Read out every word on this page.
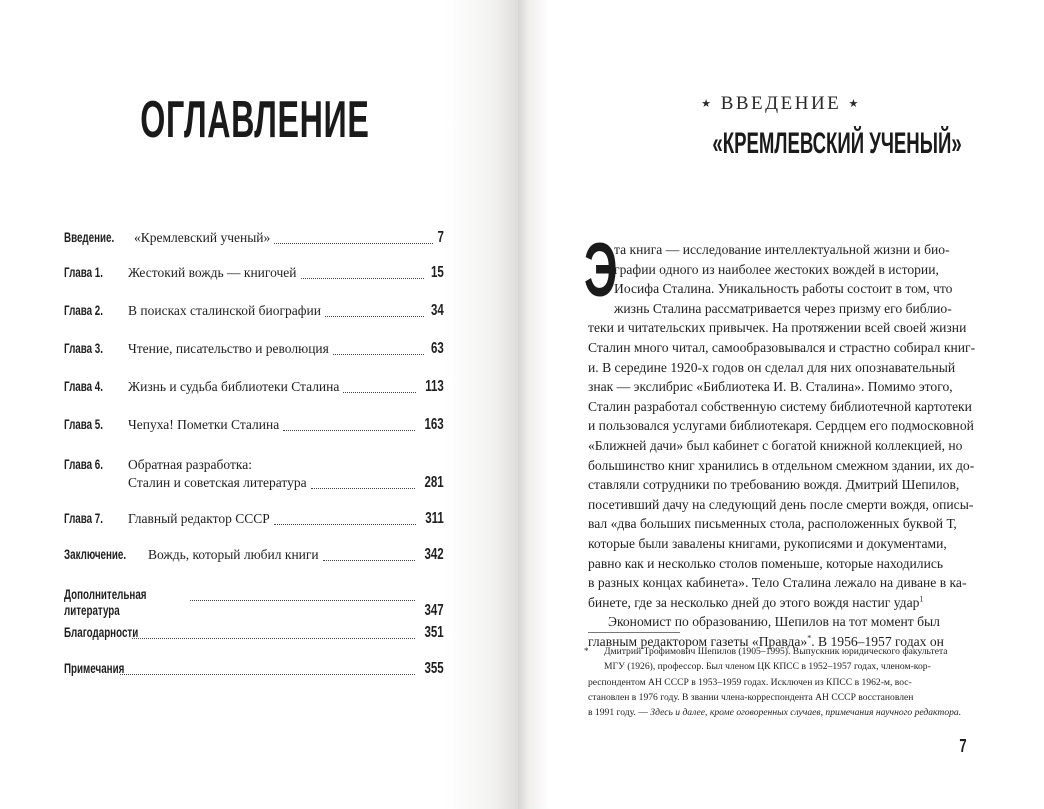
ОГЛАВЛЕНИЕ
Введение.	«Кремлевский ученый»	7
Глава 1.	Жестокий вождь — книгочей	15
Глава 2.	В поисках сталинской биографии	34
Глава 3.	Чтение, писательство и революция	63
Глава 4.	Жизнь и судьба библиотеки Сталина	113
Глава 5.	Чепуха! Пометки Сталина	163
Глава 6.	Обратная разработка:
Сталин и советская литература	281
Глава 7.	Главный редактор СССР	311
Заключение.	Вождь, который любил книги	342
Дополнительная литература	347
Благодарности	351
Примечания	355
★ ВВЕДЕНИЕ ★
«КРЕМЛЕВСКИЙ УЧЕНЫЙ»
Э
та книга — исследование интеллектуальной жизни и био-
графии одного из наиболее жестоких вождей в истории,
Иосифа Сталина. Уникальность работы состоит в том, что
жизнь Сталина рассматривается через призму его библио-
теки и читательских привычек. На протяжении всей своей жизни
Сталин много читал, самообразовывался и страстно собирал книг-
и. В середине 1920-х годов он сделал для них опознавательный
знак — экслибрис «Библиотека И. В. Сталина». Помимо этого,
Сталин разработал собственную систему библиотечной картотеки
и пользовался услугами библиотекаря. Сердцем его подмосковной
«Ближней дачи» был кабинет с богатой книжной коллекцией, но
большинство книг хранились в отдельном смежном здании, их до-
ставляли сотрудники по требованию вождя. Дмитрий Шепилов,
посетивший дачу на следующий день после смерти вождя, описы-
вал «два больших письменных стола, расположенных буквой Т,
которые были завалены книгами, рукописями и документами,
равно как и несколько столов поменьше, которые находились
в разных концах кабинета». Тело Сталина лежало на диване в ка-
бинете, где за несколько дней до этого вождя настиг удар$^1$
Экономист по образованию, Шепилов на тот момент был
главным редактором газеты «Правда»*. В 1956–1957 годах он
*	Дмитрий Трофимович Шепилов (1905–1995). Выпускник юридического факультета
МГУ (1926), профессор. Был членом ЦК КПСС в 1952–1957 годах, членом-кор-
респондентом АН СССР в 1953–1959 годах. Исключен из КПСС в 1962-м, вос-
становлен в 1976 году. В звании члена-корреспондента АН СССР восстановлен
в 1991 году. — Здесь и далее, кроме оговоренных случаев, примечания научного редактора.
7
